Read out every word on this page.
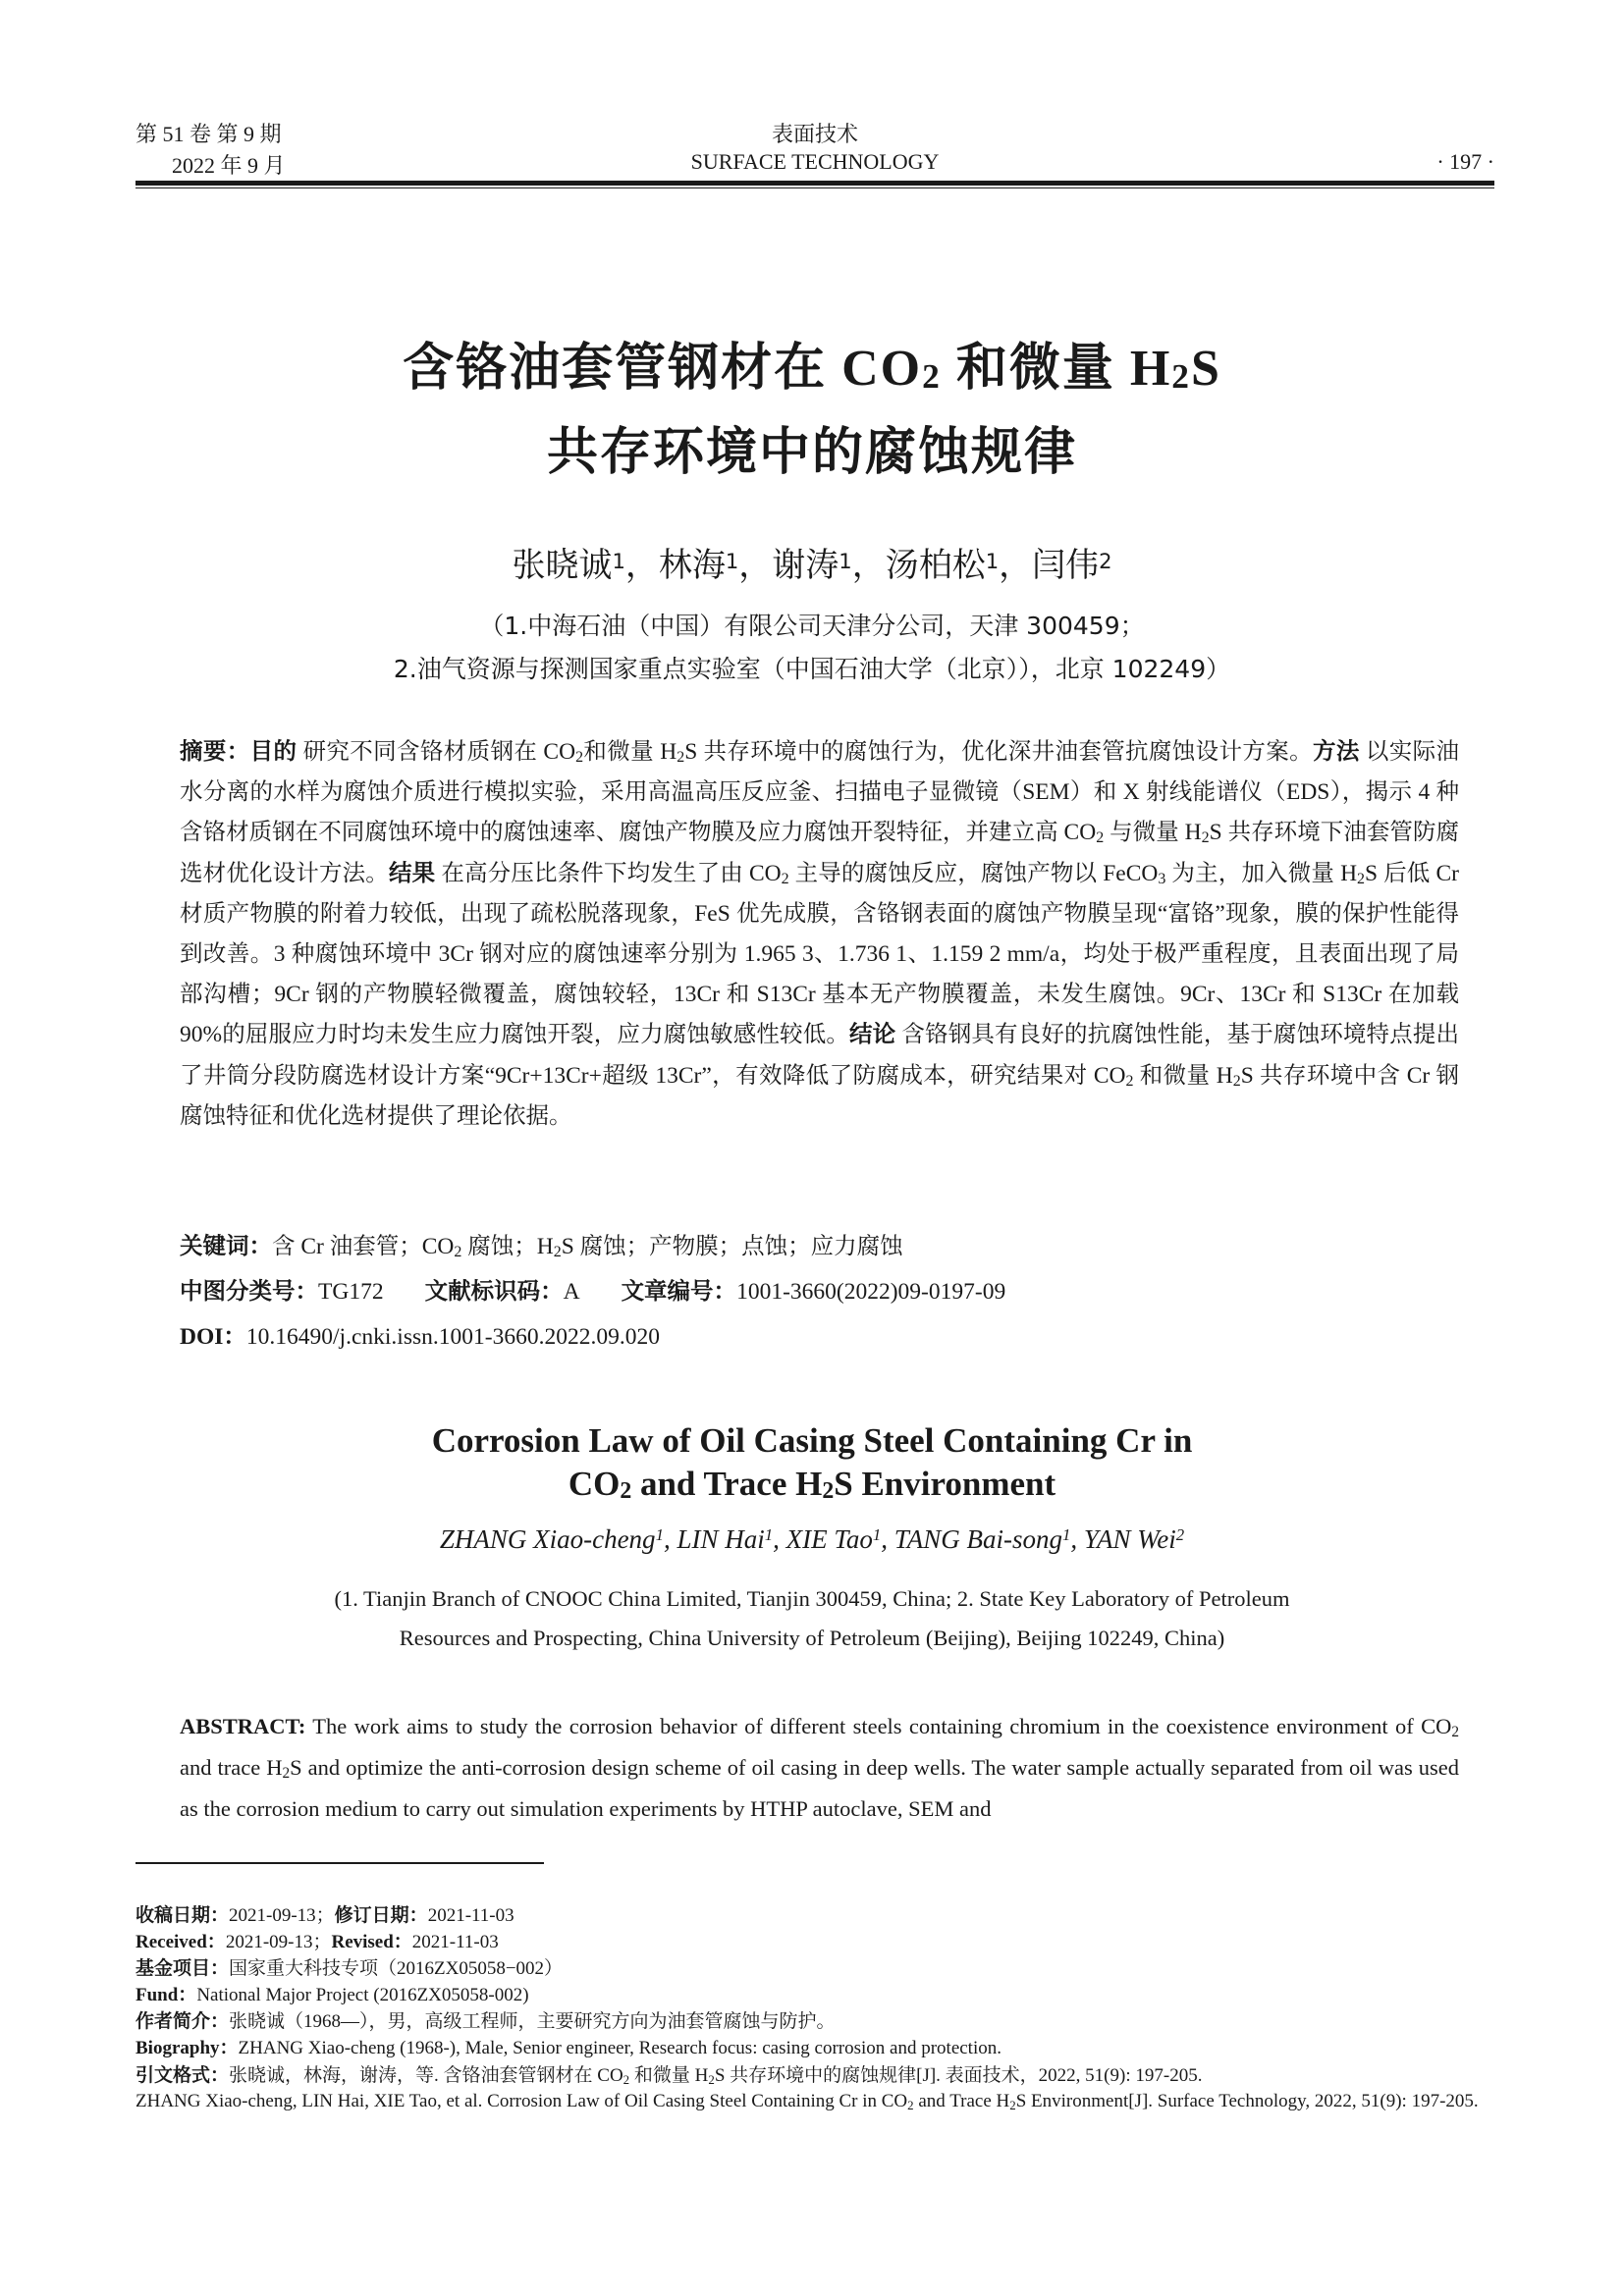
第 51 卷 第 9 期
2022 年 9 月
表面技术
SURFACE TECHNOLOGY	· 197 ·
含铬油套管钢材在 $CO_2$ 和微量 $H_2S$
共存环境中的腐蚀规律
张晓诚$^1$，林海$^1$，谢涛$^1$，汤柏松$^1$，闫伟$^2$
（1.中海石油（中国）有限公司天津分公司，天津 300459；
2.油气资源与探测国家重点实验室（中国石油大学（北京）），北京 102249）
摘要：目的 研究不同含铬材质钢在 $CO_2$和微量 $H_2S$ 共存环境中的腐蚀行为，优化深井油套管抗腐蚀设计方案。方法 以实际油水分离的水样为腐蚀介质进行模拟实验，采用高温高压反应釜、扫描电子显微镜（SEM）和 X 射线能谱仪（EDS），揭示 4 种含铬材质钢在不同腐蚀环境中的腐蚀速率、腐蚀产物膜及应力腐蚀开裂特征，并建立高 $CO_2$ 与微量 $H_2S$ 共存环境下油套管防腐选材优化设计方法。结果 在高分压比条件下均发生了由 $CO_2$ 主导的腐蚀反应，腐蚀产物以 FeCO$_3$ 为主，加入微量 $H_2S$ 后低 Cr 材质产物膜的附着力较低，出现了疏松脱落现象，FeS 优先成膜，含铬钢表面的腐蚀产物膜呈现“富铬”现象，膜的保护性能得到改善。3 种腐蚀环境中 3Cr 钢对应的腐蚀速率分别为 1.965 3、1.736 1、1.159 2 mm/a，均处于极严重程度，且表面出现了局部沟槽；9Cr 钢的产物膜轻微覆盖，腐蚀较轻，13Cr 和 S13Cr 基本无产物膜覆盖，未发生腐蚀。9Cr、13Cr 和 S13Cr 在加载 90%的屈服应力时均未发生应力腐蚀开裂，应力腐蚀敏感性较低。结论 含铬钢具有良好的抗腐蚀性能，基于腐蚀环境特点提出了井筒分段防腐选材设计方案“9Cr+13Cr+超级 13Cr”，有效降低了防腐成本，研究结果对 $CO_2$ 和微量 $H_2S$ 共存环境中含 Cr 钢腐蚀特征和优化选材提供了理论依据。
关键词：含 Cr 油套管；$CO_2$ 腐蚀；$H_2S$ 腐蚀；产物膜；点蚀；应力腐蚀
中图分类号：TG172 文献标识码：A 文章编号：1001-3660(2022)09-0197-09
DOI：10.16490/j.cnki.issn.1001-3660.2022.09.020
Corrosion Law of Oil Casing Steel Containing Cr in
$CO_2$ and Trace $H_2S$ Environment
ZHANG Xiao-cheng$^1$, LIN Hai$^1$, XIE Tao$^1$, TANG Bai-song$^1$, YAN Wei$^2$
(1. Tianjin Branch of CNOOC China Limited, Tianjin 300459, China; 2. State Key Laboratory of Petroleum
Resources and Prospecting, China University of Petroleum (Beijing), Beijing 102249, China)
ABSTRACT: The work aims to study the corrosion behavior of different steels containing chromium in the coexistence environment of $CO_2$ and trace $H_2S$ and optimize the anti-corrosion design scheme of oil casing in deep wells. The water sample actually separated from oil was used as the corrosion medium to carry out simulation experiments by HTHP autoclave, SEM and
收稿日期：2021-09-13；修订日期：2021-11-03
Received：2021-09-13；Revised：2021-11-03
基金项目：国家重大科技专项（2016ZX05058−002）
Fund：National Major Project (2016ZX05058-002)
作者简介：张晓诚（1968—），男，高级工程师，主要研究方向为油套管腐蚀与防护。
Biography：ZHANG Xiao-cheng (1968-), Male, Senior engineer, Research focus: casing corrosion and protection.
引文格式：张晓诚，林海，谢涛，等. 含铬油套管钢材在 $CO_2$ 和微量 $H_2S$ 共存环境中的腐蚀规律[J]. 表面技术，2022, 51(9): 197-205.
ZHANG Xiao-cheng, LIN Hai, XIE Tao, et al. Corrosion Law of Oil Casing Steel Containing Cr in $CO_2$ and Trace $H_2S$ Environment[J]. Surface Technology, 2022, 51(9): 197-205.
